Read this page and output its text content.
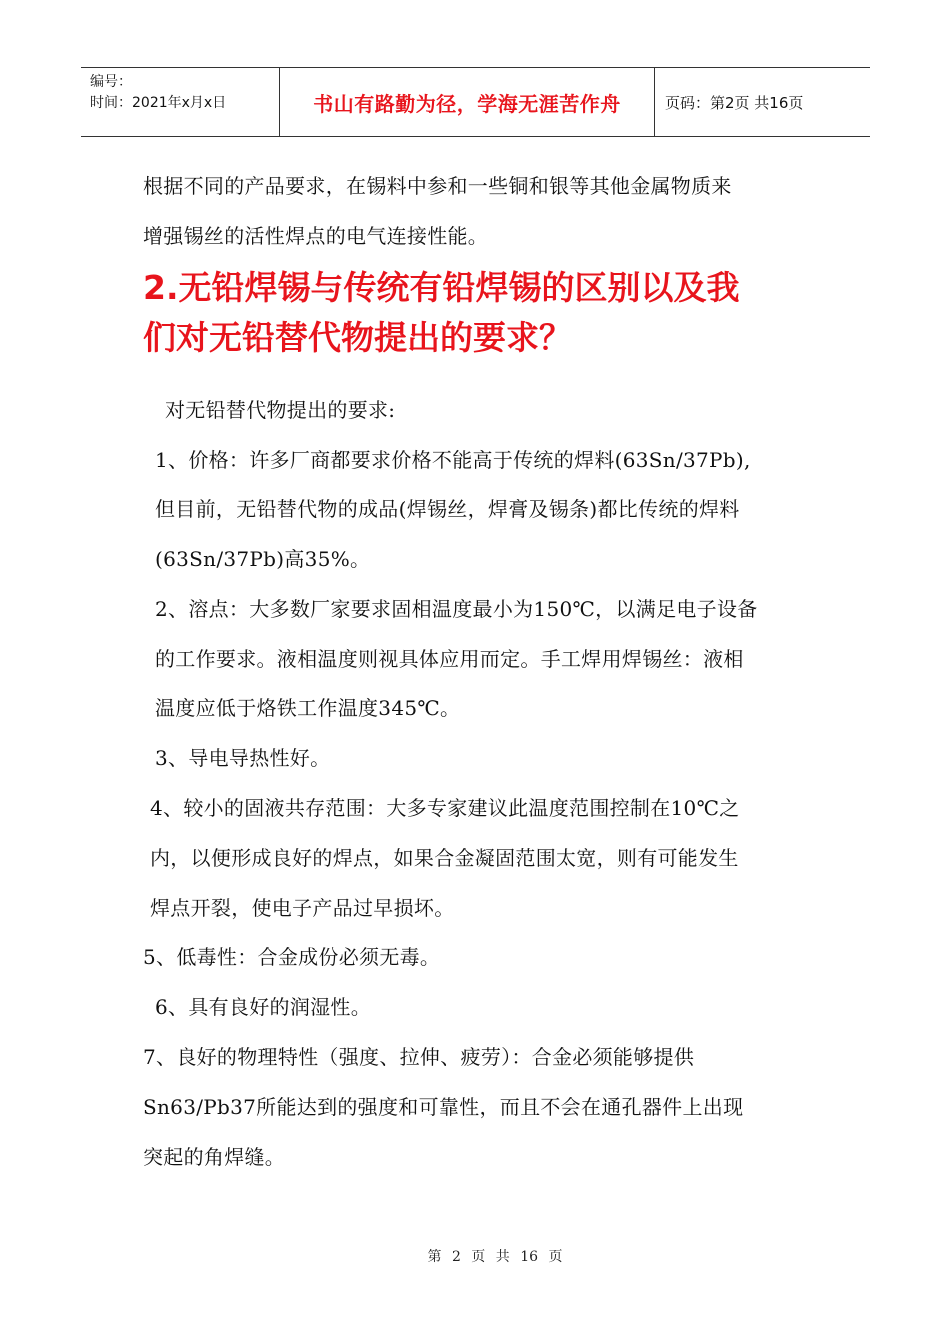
编号：
时间：2021年x月x日	书山有路勤为径，学海无涯苦作舟	页码：第2页 共16页
根据不同的产品要求，在锡料中参和一些铜和银等其他金属物质来
增强锡丝的活性焊点的电气连接性能。
2.无铅焊锡与传统有铅焊锡的区别以及我
们对无铅替代物提出的要求？
对无铅替代物提出的要求:
1、价格：许多厂商都要求价格不能高于传统的焊料(63Sn/37Pb),
但目前，无铅替代物的成品(焊锡丝，焊膏及锡条)都比传统的焊料
(63Sn/37Pb)高35%。
2、溶点：大多数厂家要求固相温度最小为150℃，以满足电子设备
的工作要求。液相温度则视具体应用而定。手工焊用焊锡丝：液相
温度应低于烙铁工作温度345℃。
3、导电导热性好。
4、较小的固液共存范围：大多专家建议此温度范围控制在10℃之
内，以便形成良好的焊点，如果合金凝固范围太宽，则有可能发生
焊点开裂，使电子产品过早损坏。
5、低毒性：合金成份必须无毒。
6、具有良好的润湿性。
7、良好的物理特性（强度、拉伸、疲劳）：合金必须能够提供
Sn63/Pb37所能达到的强度和可靠性，而且不会在通孔器件上出现
突起的角焊缝。
第 2 页 共 16 页
